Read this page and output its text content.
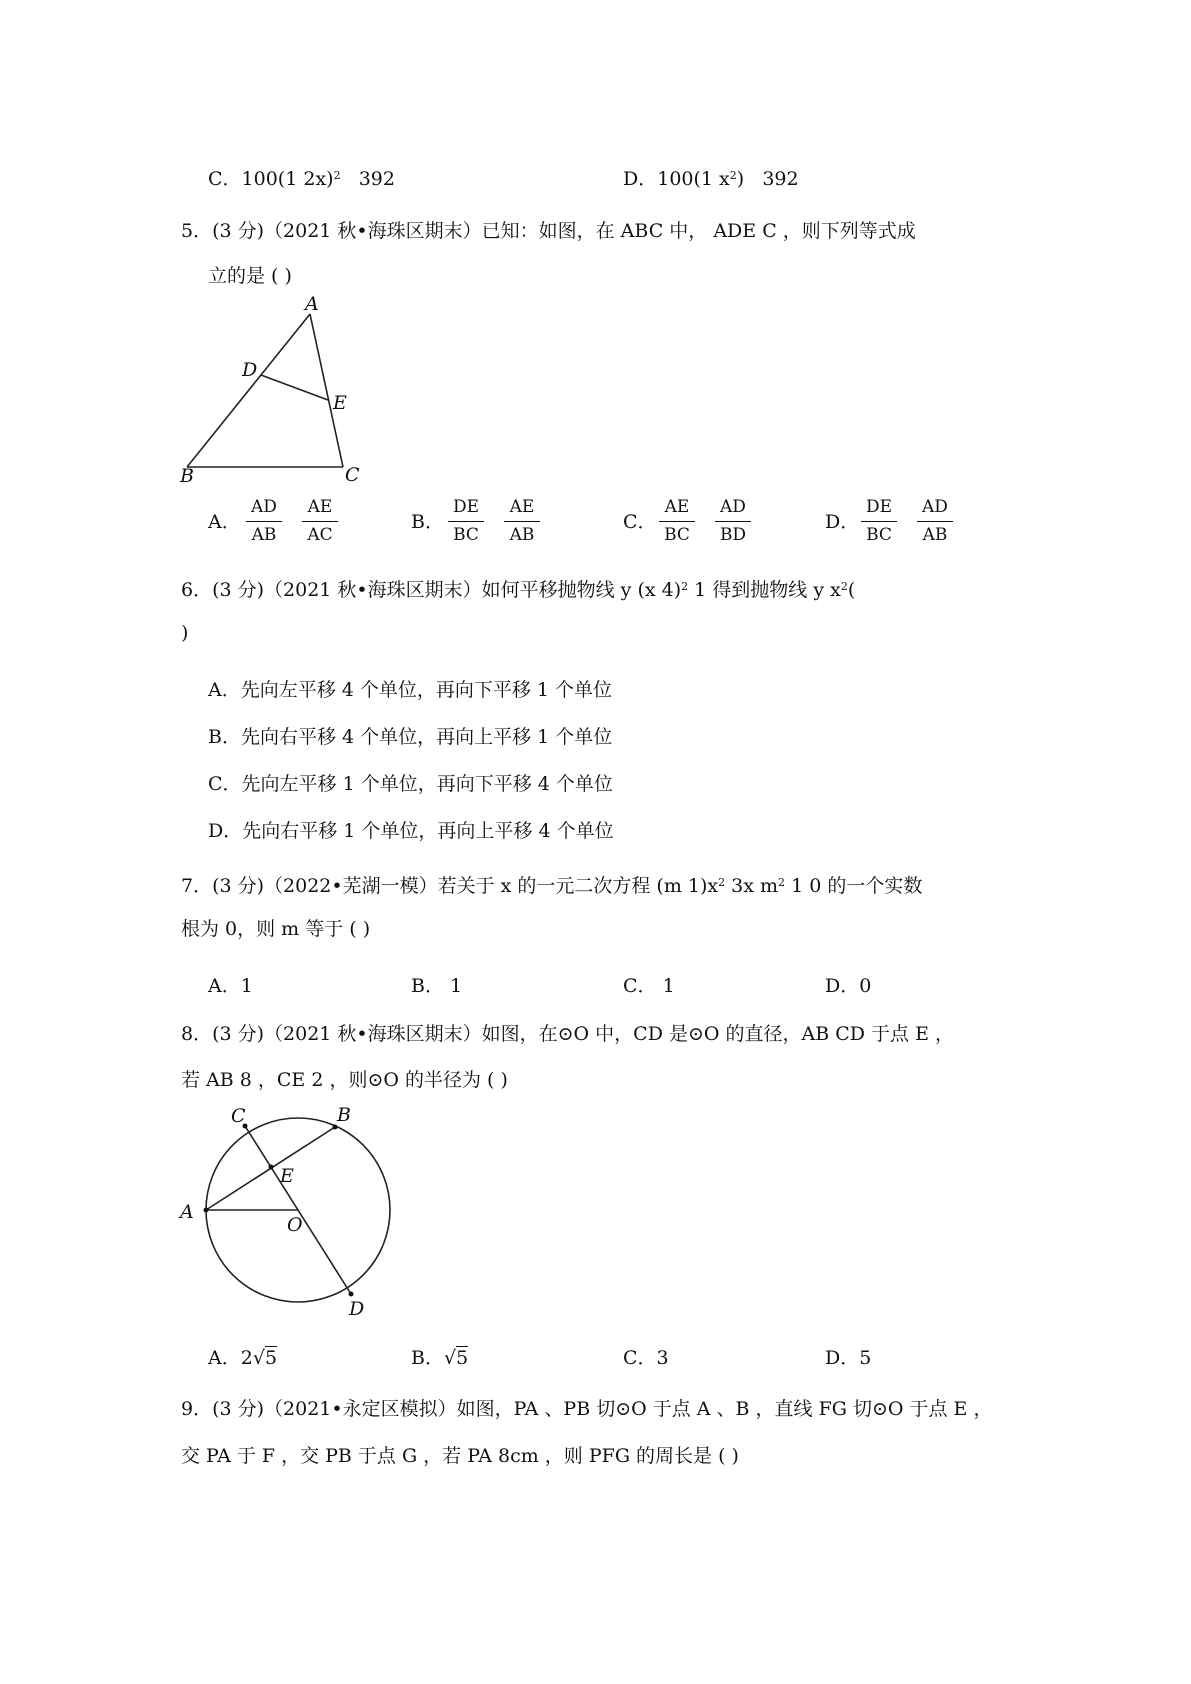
C．100(1 2x)$^2$ 392	D．100(1 $x^2$) 392
5．(3 分)（2021 秋•海珠区期末）已知：如图，在 ABC 中， ADE C ，则下列等式成
立的是 ( )
A
D
E
B	C
A．
AD
AB
AE
AC
B．
DE
BC
AE
AB
C．
AE
BC
AD
BD
D．
DE
BC
AD
AB
6．(3 分)（2021 秋•海珠区期末）如何平移抛物线 y (x 4)$^2$ 1 得到抛物线 y $x^2$(
)
A．先向左平移 4 个单位，再向下平移 1 个单位
B．先向右平移 4 个单位，再向上平移 1 个单位
C．先向左平移 1 个单位，再向下平移 4 个单位
D．先向右平移 1 个单位，再向上平移 4 个单位
7．(3 分)（2022•芜湖一模）若关于 x 的一元二次方程 (m $1)x^2$ 3x $m^2$ 1 0 的一个实数
根为 0，则 m 等于 ( )
A．1	B． 1	C． 1	D．0
8．(3 分)（2021 秋•海珠区期末）如图，在⊙O 中，CD 是⊙O 的直径，AB CD 于点 E ，
若 AB 8 ，CE 2 ，则⊙O 的半径为 ( )
C	B
E
A
O
D
A．2√5	B．√5	C．3	D．5
9．(3 分)（2021•永定区模拟）如图，PA 、PB 切⊙O 于点 A 、B ，直线 FG 切⊙O 于点 E ，
交 PA 于 F ，交 PB 于点 G ，若 PA 8cm ，则 PFG 的周长是 ( )
